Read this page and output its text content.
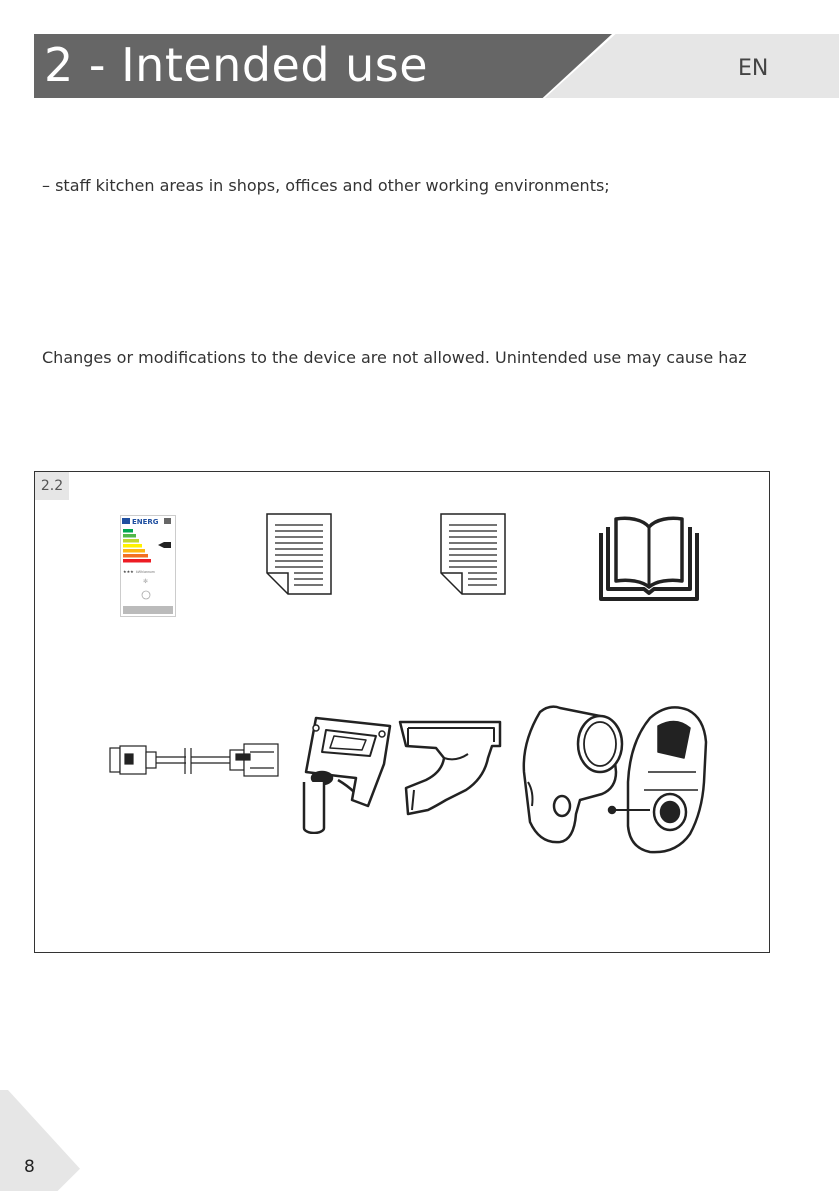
2 - Intended use	EN
– staff kitchen areas in shops, offices and other working environments;
Changes or modifications to the device are not allowed. Unintended use may cause haz
2.2
ENERG
★★★ kWh/annum
✻
8
